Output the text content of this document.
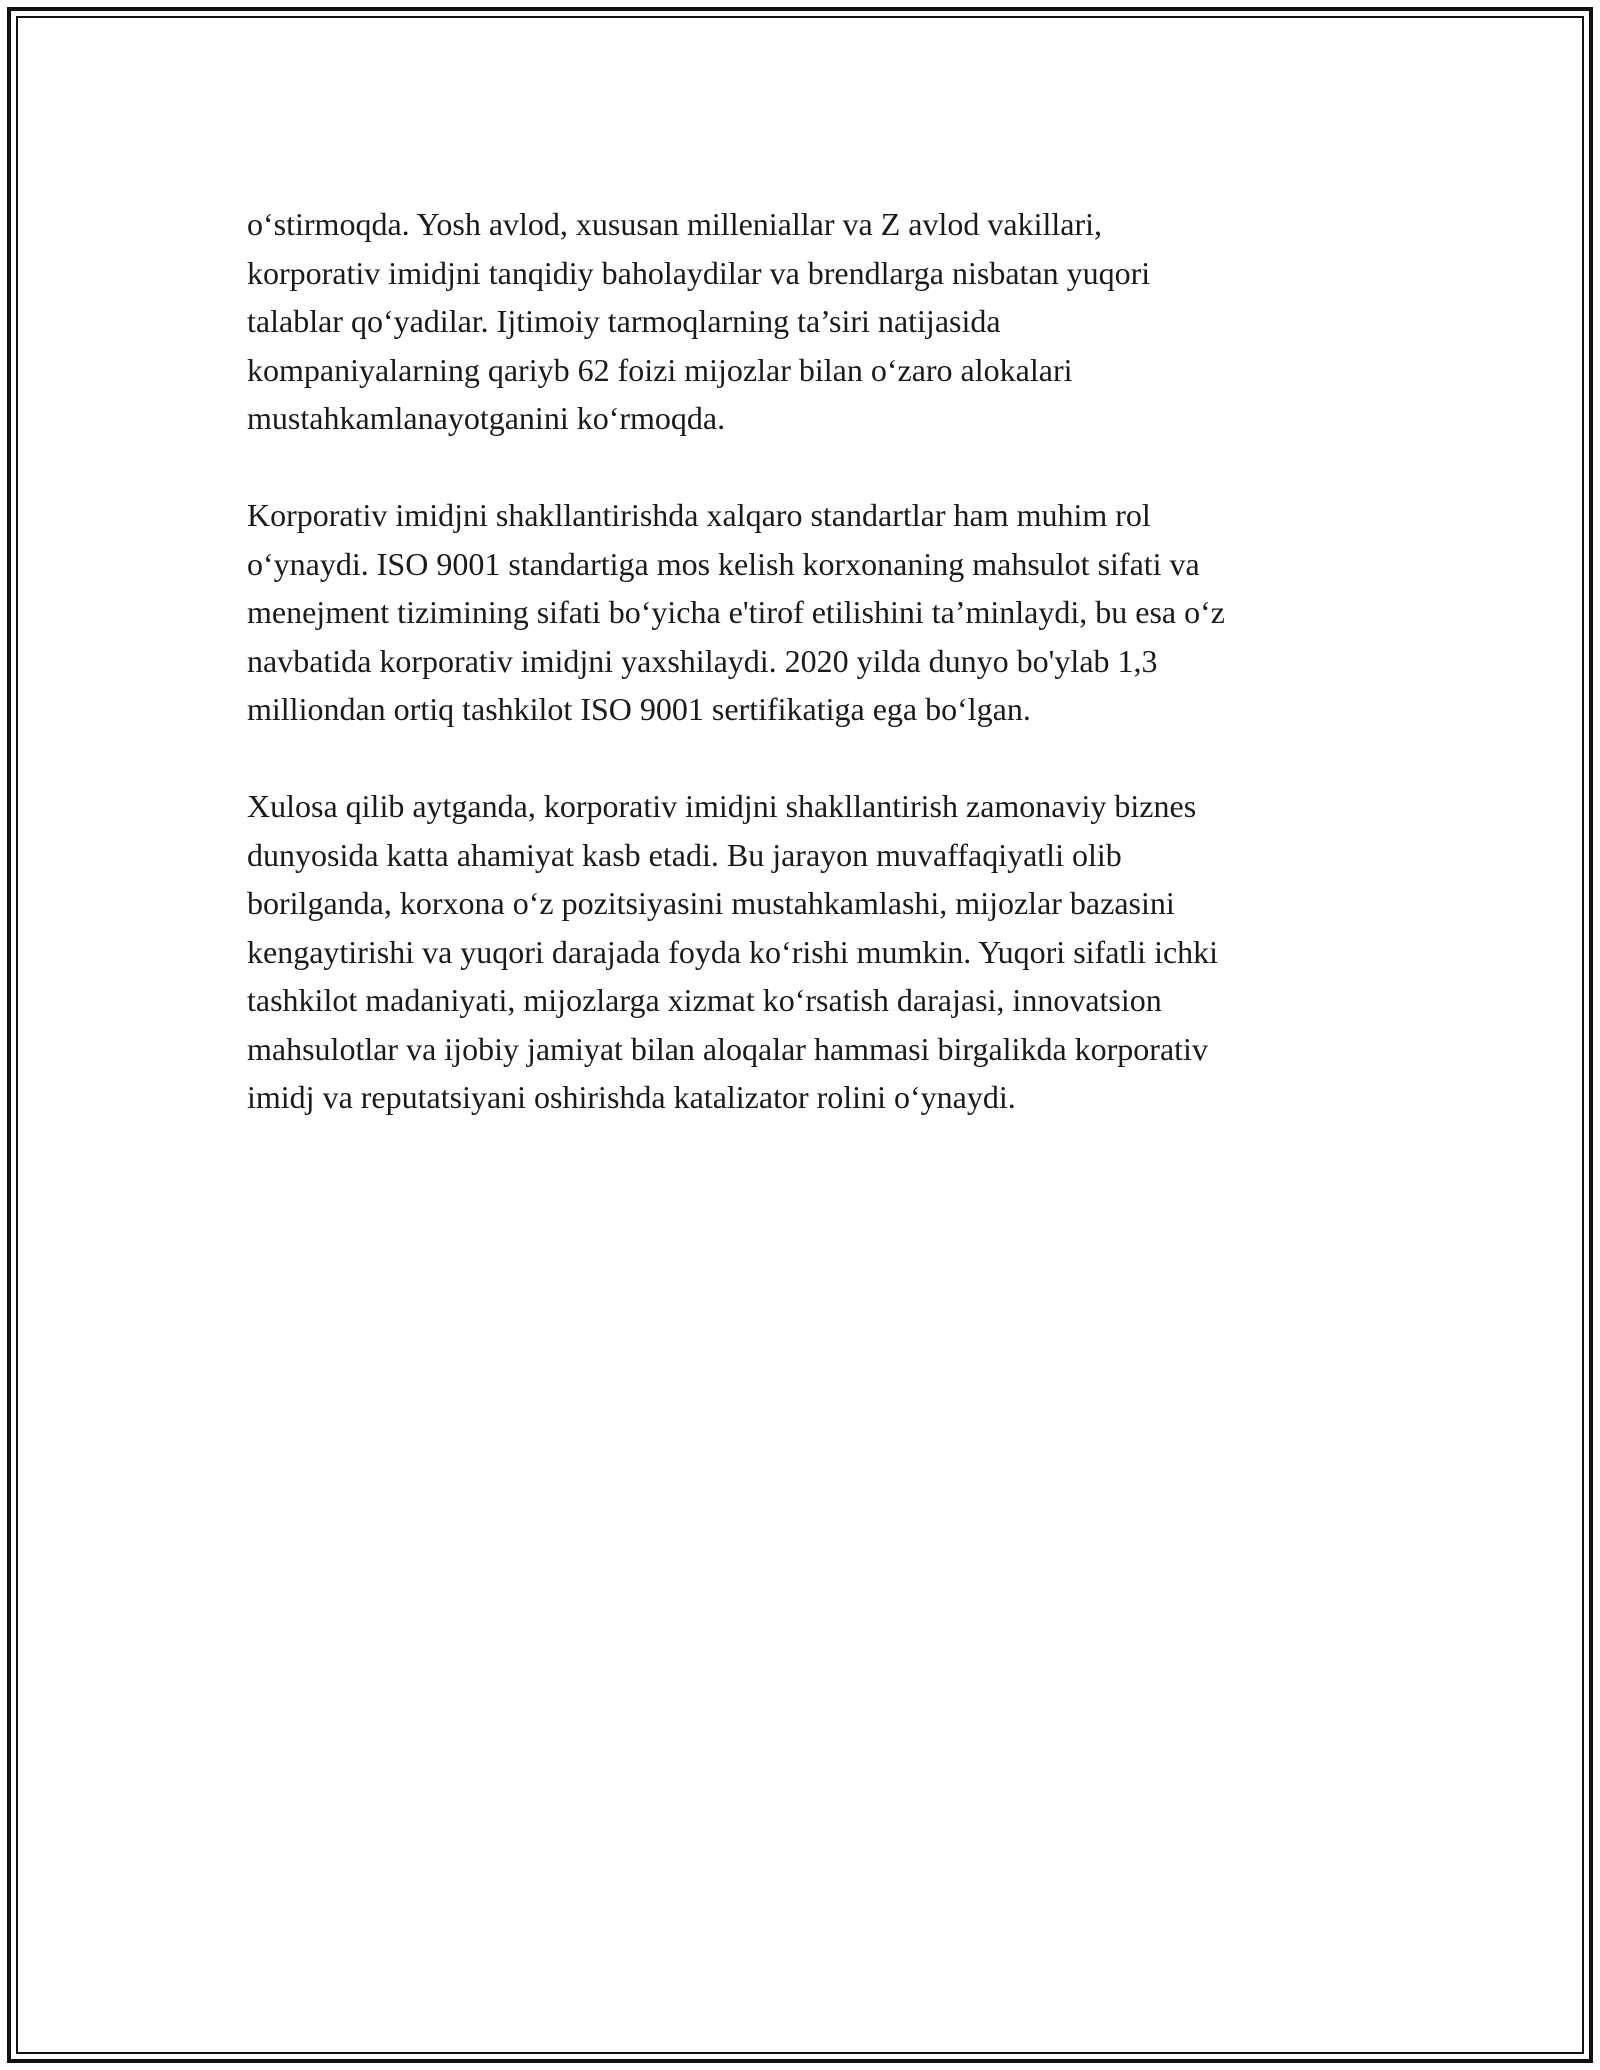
o‘stirmoqda. Yosh avlod, xususan milleniallar va Z avlod vakillari,
korporativ imidjni tanqidiy baholaydilar va brendlarga nisbatan yuqori
talablar qo‘yadilar. Ijtimoiy tarmoqlarning ta’siri natijasida
kompaniyalarning qariyb 62 foizi mijozlar bilan o‘zaro alokalari
mustahkamlanayotganini ko‘rmoqda.

Korporativ imidjni shakllantirishda xalqaro standartlar ham muhim rol
o‘ynaydi. ISO 9001 standartiga mos kelish korxonaning mahsulot sifati va
menejment tizimining sifati bo‘yicha e'tirof etilishini ta’minlaydi, bu esa o‘z
navbatida korporativ imidjni yaxshilaydi. 2020 yilda dunyo bo'ylab 1,3
milliondan ortiq tashkilot ISO 9001 sertifikatiga ega bo‘lgan.

Xulosa qilib aytganda, korporativ imidjni shakllantirish zamonaviy biznes
dunyosida katta ahamiyat kasb etadi. Bu jarayon muvaffaqiyatli olib
borilganda, korxona o‘z pozitsiyasini mustahkamlashi, mijozlar bazasini
kengaytirishi va yuqori darajada foyda ko‘rishi mumkin. Yuqori sifatli ichki
tashkilot madaniyati, mijozlarga xizmat ko‘rsatish darajasi, innovatsion
mahsulotlar va ijobiy jamiyat bilan aloqalar hammasi birgalikda korporativ
imidj va reputatsiyani oshirishda katalizator rolini o‘ynaydi.
